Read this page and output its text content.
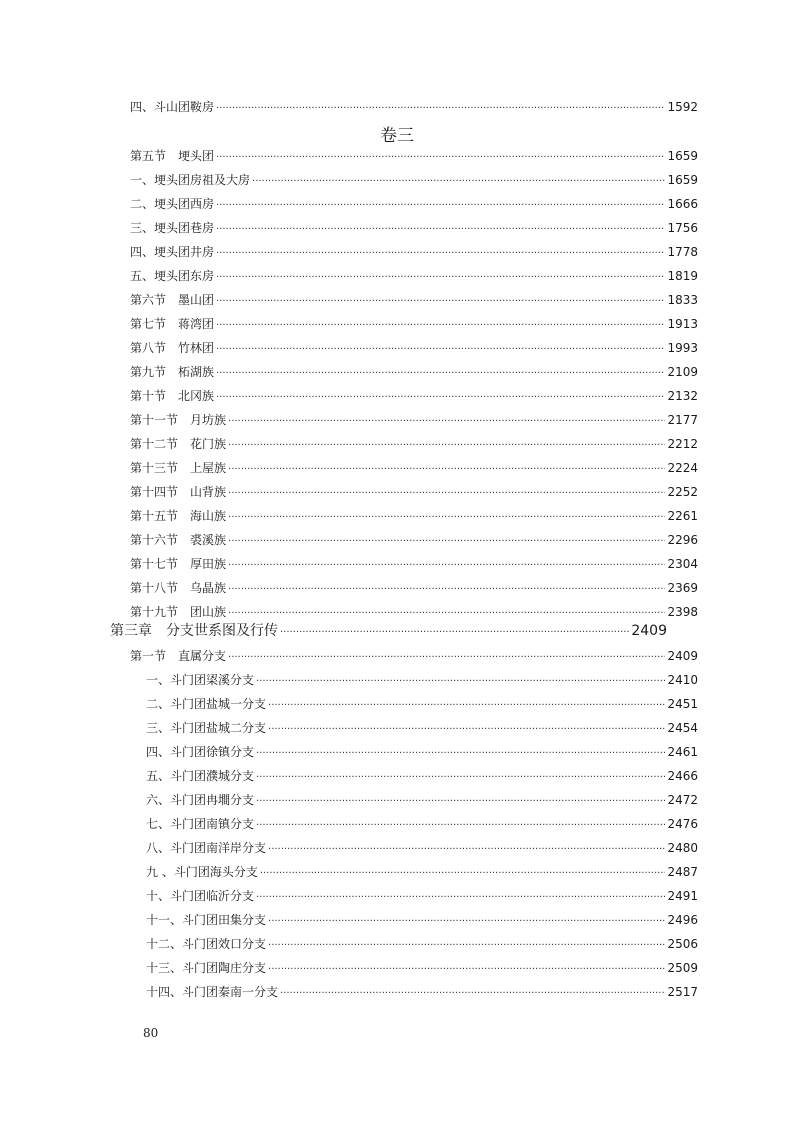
四、斗山团鞍房 ·····	1592
卷三
第五节　埂头团 ·····	1659
一、埂头团房祖及大房 ·····	1659
二、埂头团西房 ·····	1666
三、埂头团巷房 ·····	1756
四、埂头团井房 ·····	1778
五、埂头团东房 ·····	1819
第六节　墨山团 ·····	1833
第七节　蒋湾团 ·····	1913
第八节　竹林团 ·····	1993
第九节　柘湖族 ·····	2109
第十节　北冈族 ·····	2132
第十一节　月坊族 ·····	2177
第十二节　花门族 ·····	2212
第十三节　上屋族 ·····	2224
第十四节　山背族 ·····	2252
第十五节　海山族 ·····	2261
第十六节　裘溪族 ·····	2296
第十七节　厚田族 ·····	2304
第十八节　乌晶族 ·····	2369
第十九节　团山族 ·····	2398
第三章　分支世系图及行传 ·····	2409
第一节　直属分支 ·····	2409
一、斗门团鿄溪分支 ·····	2410
二、斗门团盐城一分支 ·····	2451
三、斗门团盐城二分支 ·····	2454
四、斗门团徐镇分支 ·····	2461
五、斗门团濮城分支 ·····	2466
六、斗门团冉墹分支 ·····	2472
七、斗门团南镇分支 ·····	2476
八、斗门团南洋岸分支 ·····	2480
九 、斗门团海头分支 ·····	2487
十、斗门团临沂分支 ·····	2491
十一、斗门团田集分支 ·····	2496
十二、斗门团效口分支 ·····	2506
十三、斗门团陶庄分支 ·····	2509
十四、斗门团秦南一分支 ·····	2517
80
